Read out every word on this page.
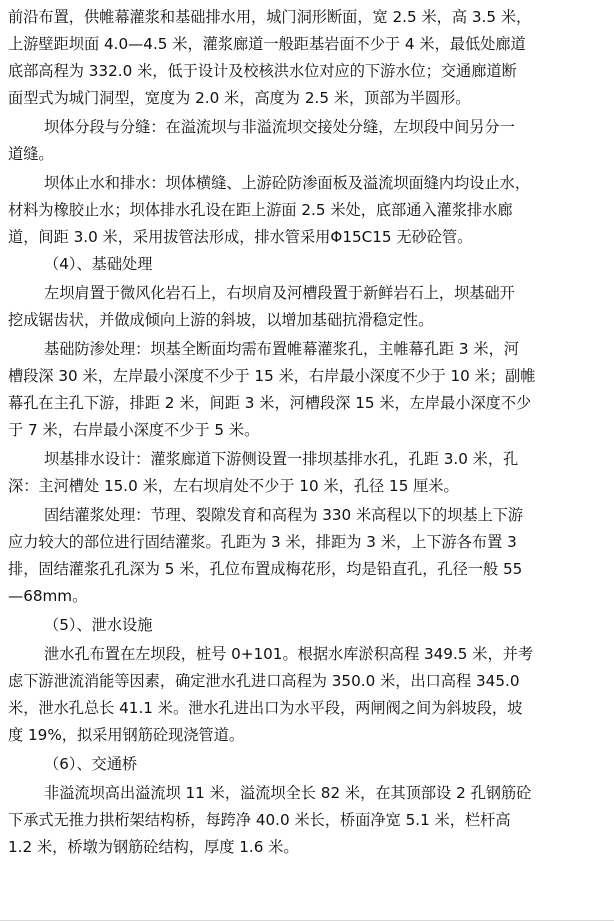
前沿布置，供帷幕灌浆和基础排水用，城门洞形断面，宽 2.5 米，高 3.5 米，
上游壁距坝面 4.0—4.5 米，灌浆廊道一般距基岩面不少于 4 米，最低处廊道
底部高程为 332.0 米，低于设计及校核洪水位对应的下游水位；交通廊道断
面型式为城门洞型，宽度为 2.0 米，高度为 2.5 米，顶部为半圆形。
坝体分段与分缝：在溢流坝与非溢流坝交接处分缝，左坝段中间另分一
道缝。
坝体止水和排水：坝体横缝、上游砼防渗面板及溢流坝面缝内均设止水，
材料为橡胶止水；坝体排水孔设在距上游面 2.5 米处，底部通入灌浆排水廊
道，间距 3.0 米，采用拔管法形成，排水管采用Φ15C15 无砂砼管。
（4）、基础处理
左坝肩置于微风化岩石上，右坝肩及河槽段置于新鲜岩石上，坝基础开
挖成锯齿状，并做成倾向上游的斜坡，以增加基础抗滑稳定性。
基础防渗处理：坝基全断面均需布置帷幕灌浆孔，主帷幕孔距 3 米，河
槽段深 30 米，左岸最小深度不少于 15 米，右岸最小深度不少于 10 米；副帷
幕孔在主孔下游，排距 2 米，间距 3 米，河槽段深 15 米，左岸最小深度不少
于 7 米，右岸最小深度不少于 5 米。
坝基排水设计：灌浆廊道下游侧设置一排坝基排水孔，孔距 3.0 米，孔
深：主河槽处 15.0 米，左右坝肩处不少于 10 米，孔径 15 厘米。
固结灌浆处理：节理、裂隙发育和高程为 330 米高程以下的坝基上下游
应力较大的部位进行固结灌浆。孔距为 3 米，排距为 3 米，上下游各布置 3
排，固结灌浆孔孔深为 5 米，孔位布置成梅花形，均是铅直孔，孔径一般 55
—68mm。
（5）、泄水设施
泄水孔布置在左坝段，桩号 0+101。根据水库淤积高程 349.5 米，并考
虑下游泄流消能等因素，确定泄水孔进口高程为 350.0 米，出口高程 345.0
米，泄水孔总长 41.1 米。泄水孔进出口为水平段，两闸阀之间为斜坡段，坡
度 19%，拟采用钢筋砼现浇管道。
（6）、交通桥
非溢流坝高出溢流坝 11 米，溢流坝全长 82 米，在其顶部设 2 孔钢筋砼
下承式无推力拱桁架结构桥，每跨净 40.0 米长，桥面净宽 5.1 米，栏杆高
1.2 米，桥墩为钢筋砼结构，厚度 1.6 米。
